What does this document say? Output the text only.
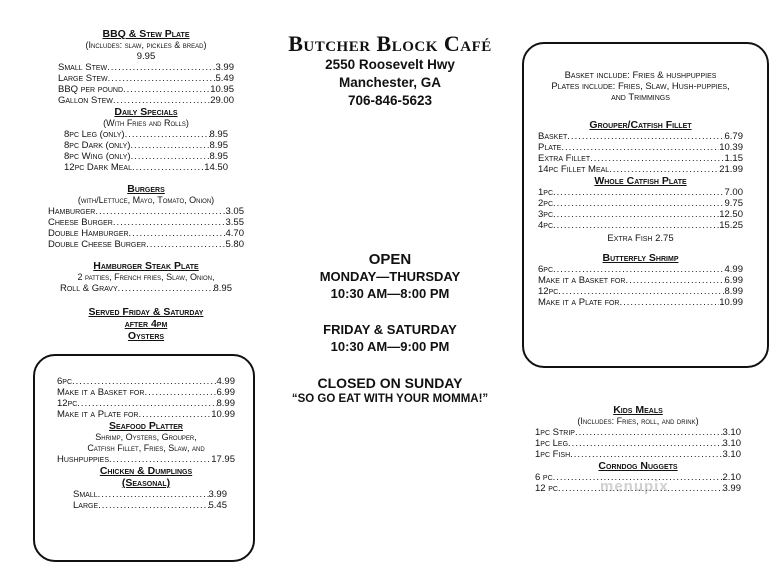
BBQ & Stew Plate
(Includes: slaw, pickles & bread)
9.95
Small Stew .....	3.99
Large Stew .....	5.49
BBQ per pound .....	10.95
Gallon Stew .....	29.00
Daily Specials
(With Fries and Rolls)
8pc Leg (only) .....	8.95
8pc Dark (only) .....	8.95
8pc Wing (only) .....	8.95
12pc Dark Meal .....	14.50
Burgers
(with/Lettuce, Mayo, Tomato, Onion)
Hamburger .....	3.05
Cheese Burger .....	3.55
Double Hamburger .....	4.70
Double Cheese Burger .....	5.80
Hamburger Steak Plate
2 patties, French fries, Slaw, Onion,
Roll & Gravy .....	8.95
Served Friday & Saturday
after 4pm
Oysters
6pc .....	4.99
Make it a Basket for .....	6.99
12pc .....	8.99
Make it a Plate for .....	10.99
Seafood Platter
Shrimp, Oysters, Grouper,
Catfish Fillet, Fries, Slaw, and
Hushpuppies .....	17.95
Chicken & Dumplings
(Seasonal)
Small .....	3.99
Large .....	5.45
Butcher Block Café
2550 Roosevelt Hwy
Manchester, GA
706-846-5623
OPEN
MONDAY—THURSDAY
10:30 AM—8:00 PM
FRIDAY & SATURDAY
10:30 AM—9:00 PM
CLOSED ON SUNDAY
“SO GO EAT WITH YOUR MOMMA!”
Basket include: Fries & hushpuppies
Plates include: Fries, Slaw, Hush-puppies,
and Trimmings
Grouper/Catfish Fillet
Basket .....	6.79
Plate .....	10.39
Extra Fillet .....	1.15
14pc Fillet Meal .....	21.99
Whole Catfish Plate
1pc .....	7.00
2pc .....	9.75
3pc .....	12.50
4pc .....	15.25
Extra Fish 2.75
Butterfly Shrimp
6pc .....	4.99
Make it a Basket for .....	6.99
12pc .....	8.99
Make it a Plate for .....	10.99
Kids Meals
(Includes: Fries, roll, and drink)
1pc Strip .....	3.10
1pc Leg .....	3.10
1pc Fish .....	3.10
Corndog Nuggets
6 pc .....	2.10
12 pc .....	3.99
menupix
